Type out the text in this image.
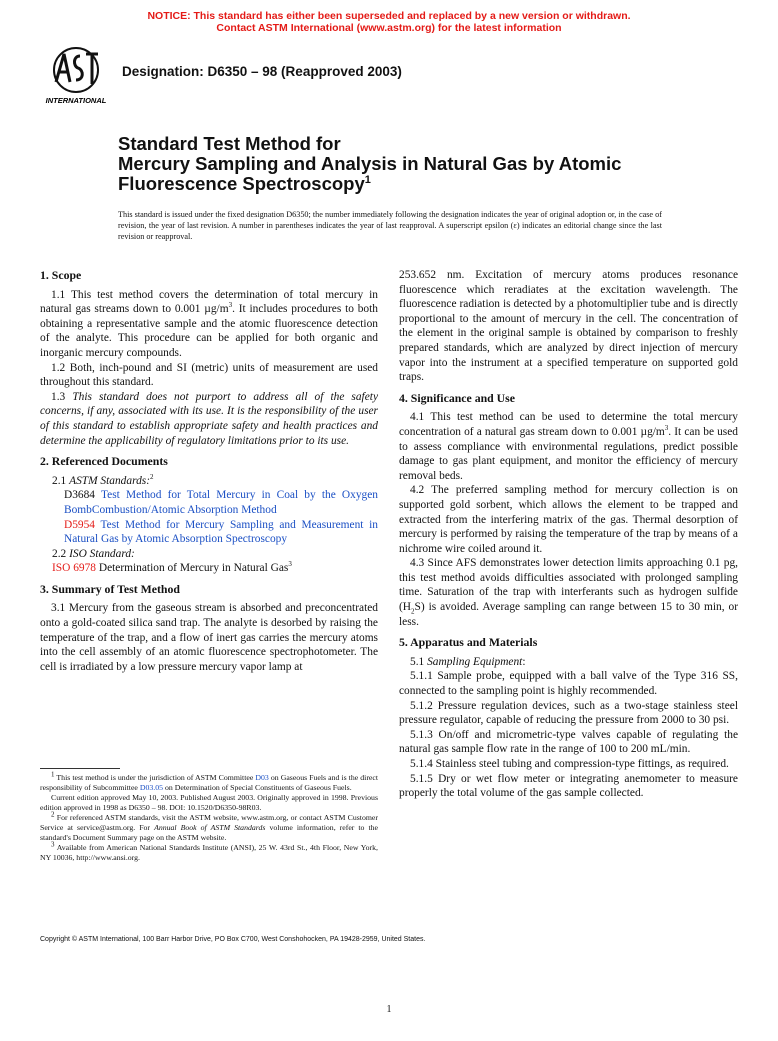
NOTICE: This standard has either been superseded and replaced by a new version or withdrawn.
Contact ASTM International (www.astm.org) for the latest information
INTERNATIONAL
Designation: D6350 – 98 (Reapproved 2003)
Standard Test Method for
Mercury Sampling and Analysis in Natural Gas by Atomic
Fluorescence Spectroscopy$^1$
This standard is issued under the fixed designation D6350; the number immediately following the designation indicates the year of original adoption or, in the case of revision, the year of last revision. A number in parentheses indicates the year of last reapproval. A superscript epsilon (ε) indicates an editorial change since the last revision or reapproval.
1. Scope

1.1 This test method covers the determination of total mercury in natural gas streams down to 0.001 $\mu g/m^3$. It includes procedures to both obtaining a representative sample and the atomic fluorescence detection of the analyte. This procedure can be applied for both organic and inorganic mercury compounds.

1.2 Both, inch-pound and SI (metric) units of measurement are used throughout this standard.

1.3 This standard does not purport to address all of the safety concerns, if any, associated with its use. It is the responsibility of the user of this standard to establish appropriate safety and health practices and determine the applicability of regulatory limitations prior to its use.

2. Referenced Documents

2.1 ASTM Standards:$^2$

D3684 Test Method for Total Mercury in Coal by the Oxygen BombCombustion/Atomic Absorption Method

D5954 Test Method for Mercury Sampling and Measurement in Natural Gas by Atomic Absorption Spectroscopy

2.2 ISO Standard:

ISO 6978 Determination of Mercury in Natural Gas$^3$

3. Summary of Test Method

3.1 Mercury from the gaseous stream is absorbed and preconcentrated onto a gold-coated silica sand trap. The analyte is desorbed by raising the temperature of the trap, and a flow of inert gas carries the mercury atoms into the cell assembly of an atomic fluorescence spectrophotometer. The cell is irradiated by a low pressure mercury vapor lamp at

$^1$ This test method is under the jurisdiction of ASTM Committee D03 on Gaseous Fuels and is the direct responsibility of Subcommittee D03.05 on Determination of Special Constituents of Gaseous Fuels.

Current edition approved May 10, 2003. Published August 2003. Originally approved in 1998. Previous edition approved in 1998 as D6350 – 98. DOI: 10.1520/D6350-98R03.

$^2$ For referenced ASTM standards, visit the ASTM website, www.astm.org, or contact ASTM Customer Service at service@astm.org. For Annual Book of ASTM Standards volume information, refer to the standard's Document Summary page on the ASTM website.

$^3$ Available from American National Standards Institute (ANSI), 25 W. 43rd St., 4th Floor, New York, NY 10036, http://www.ansi.org.

253.652 nm. Excitation of mercury atoms produces resonance fluorescence which reradiates at the excitation wavelength. The fluorescence radiation is detected by a photomultiplier tube and is directly proportional to the amount of mercury in the cell. The concentration of the element in the original sample is obtained by comparison to freshly prepared standards, which are analyzed by direct injection of mercury vapor into the instrument at a specified temperature on supported gold traps.

4. Significance and Use

4.1 This test method can be used to determine the total mercury concentration of a natural gas stream down to 0.001 $\mu g/m^3$. It can be used to assess compliance with environmental regulations, predict possible damage to gas plant equipment, and monitor the efficiency of mercury removal beds.

4.2 The preferred sampling method for mercury collection is on supported gold sorbent, which allows the element to be trapped and extracted from the interfering matrix of the gas. Thermal desorption of mercury is performed by raising the temperature of the trap by means of a nichrome wire coiled around it.

4.3 Since AFS demonstrates lower detection limits approaching 0.1 pg, this test method avoids difficulties associated with prolonged sampling time. Saturation of the trap with interferants such as hydrogen sulfide $(H_2S)$ is avoided. Average sampling can range between 15 to 30 min, or less.

5. Apparatus and Materials

5.1 Sampling Equipment:

5.1.1 Sample probe, equipped with a ball valve of the Type 316 SS, connected to the sampling point is highly recommended.

5.1.2 Pressure regulation devices, such as a two-stage stainless steel pressure regulator, capable of reducing the pressure from 2000 to 30 psi.

5.1.3 On/off and micrometric-type valves capable of regulating the natural gas sample flow rate in the range of 100 to 200 mL/min.

5.1.4 Stainless steel tubing and compression-type fittings, as required.

5.1.5 Dry or wet flow meter or integrating anemometer to measure properly the total volume of the gas sample collected.

Copyright © ASTM International, 100 Barr Harbor Drive, PO Box C700, West Conshohocken, PA 19428-2959, United States.
1
